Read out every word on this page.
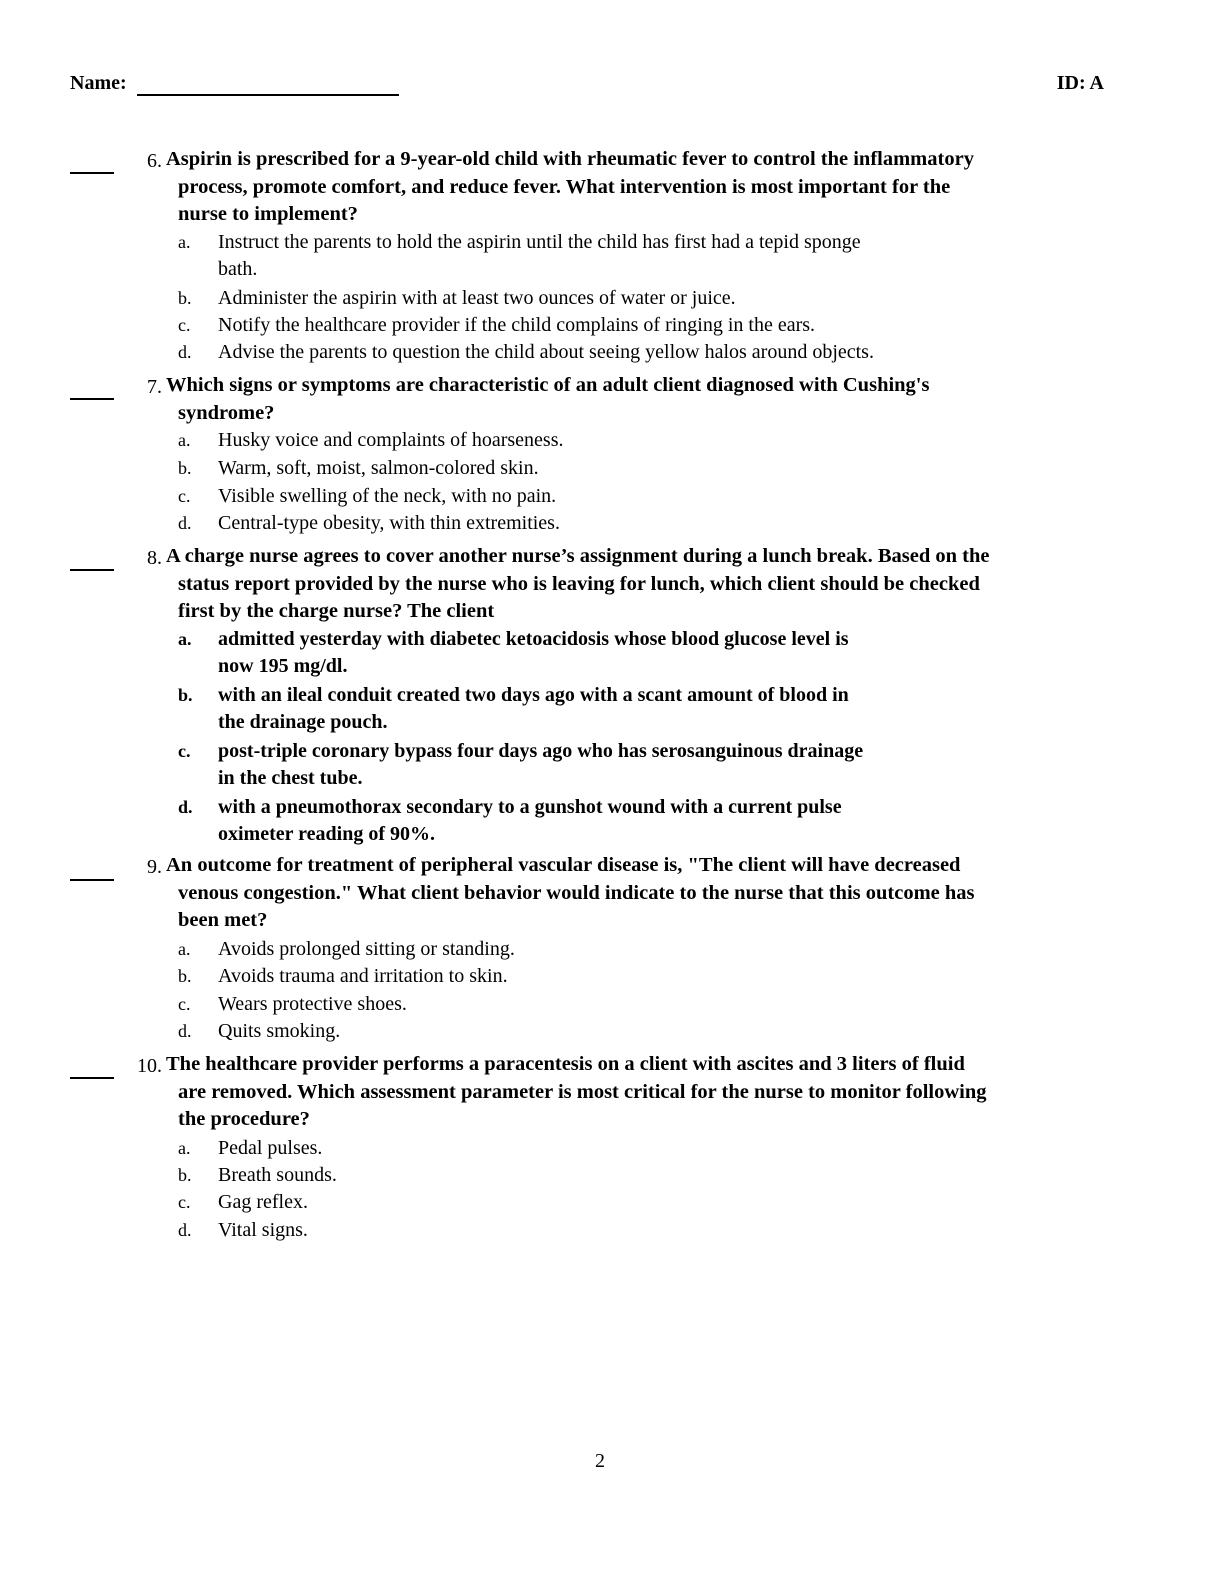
Name:	ID: A
6. Aspirin is prescribed for a 9-year-old child with rheumatic fever to control the inflammatory
process, promote comfort, and reduce fever. What intervention is most important for the
nurse to implement?
a.	Instruct the parents to hold the aspirin until the child has first had a tepid sponge
bath.
b.	Administer the aspirin with at least two ounces of water or juice.
c.	Notify the healthcare provider if the child complains of ringing in the ears.
d.	Advise the parents to question the child about seeing yellow halos around objects.
7. Which signs or symptoms are characteristic of an adult client diagnosed with Cushing's
syndrome?
a.	Husky voice and complaints of hoarseness.
b.	Warm, soft, moist, salmon-colored skin.
c.	Visible swelling of the neck, with no pain.
d.	Central-type obesity, with thin extremities.
8. A charge nurse agrees to cover another nurse’s assignment during a lunch break. Based on the
status report provided by the nurse who is leaving for lunch, which client should be checked
first by the charge nurse? The client
a.	admitted yesterday with diabetec ketoacidosis whose blood glucose level is
now 195 mg/dl.
b.	with an ileal conduit created two days ago with a scant amount of blood in
the drainage pouch.
c.	post-triple coronary bypass four days ago who has serosanguinous drainage
in the chest tube.
d.	with a pneumothorax secondary to a gunshot wound with a current pulse
oximeter reading of 90%.
9. An outcome for treatment of peripheral vascular disease is, "The client will have decreased
venous congestion." What client behavior would indicate to the nurse that this outcome has
been met?
a.	Avoids prolonged sitting or standing.
b.	Avoids trauma and irritation to skin.
c.	Wears protective shoes.
d.	Quits smoking.
10. The healthcare provider performs a paracentesis on a client with ascites and 3 liters of fluid
are removed. Which assessment parameter is most critical for the nurse to monitor following
the procedure?
a.	Pedal pulses.
b.	Breath sounds.
c.	Gag reflex.
d.	Vital signs.
2
